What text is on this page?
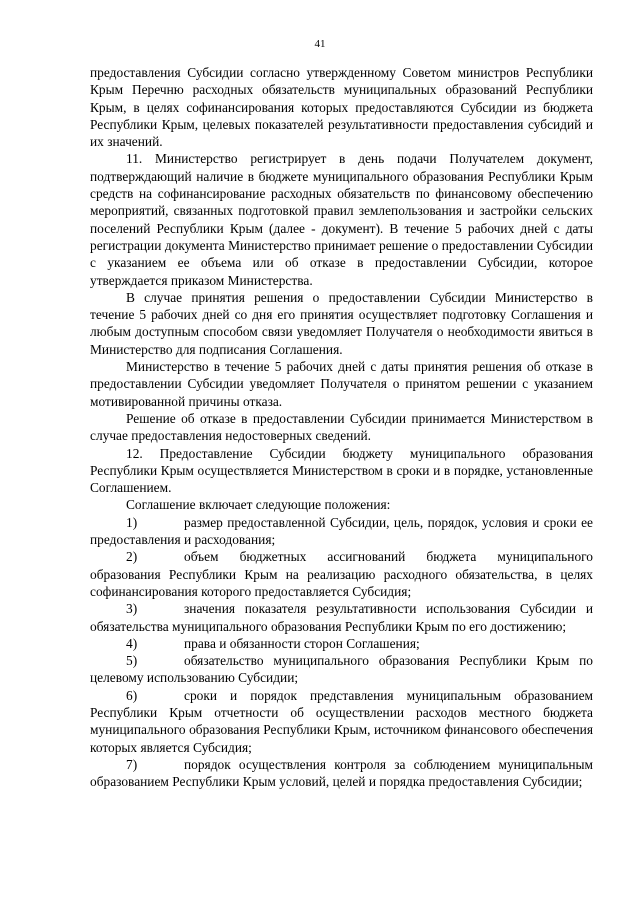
41

предоставления Субсидии согласно утвержденному Советом министров Республики Крым Перечню расходных обязательств муниципальных образований Республики Крым, в целях софинансирования которых предоставляются Субсидии из бюджета Республики Крым, целевых показателей результативности предоставления субсидий и их значений.

11. Министерство регистрирует в день подачи Получателем документ, подтверждающий наличие в бюджете муниципального образования Республики Крым средств на софинансирование расходных обязательств по финансовому обеспечению мероприятий, связанных подготовкой правил землепользования и застройки сельских поселений Республики Крым (далее - документ). В течение 5 рабочих дней с даты регистрации документа Министерство принимает решение о предоставлении Субсидии с указанием ее объема или об отказе в предоставлении Субсидии, которое утверждается приказом Министерства.

В случае принятия решения о предоставлении Субсидии Министерство в течение 5 рабочих дней со дня его принятия осуществляет подготовку Соглашения и любым доступным способом связи уведомляет Получателя о необходимости явиться в Министерство для подписания Соглашения.

Министерство в течение 5 рабочих дней с даты принятия решения об отказе в предоставлении Субсидии уведомляет Получателя о принятом решении с указанием мотивированной причины отказа.

Решение об отказе в предоставлении Субсидии принимается Министерством в случае предоставления недостоверных сведений.

12. Предоставление Субсидии бюджету муниципального образования Республики Крым осуществляется Министерством в сроки и в порядке, установленные Соглашением.

Соглашение включает следующие положения:

1)	размер предоставленной Субсидии, цель, порядок, условия и сроки ее предоставления и расходования;

2)	объем бюджетных ассигнований бюджета муниципального образования Республики Крым на реализацию расходного обязательства, в целях софинансирования которого предоставляется Субсидия;

3)	значения показателя результативности использования Субсидии и обязательства муниципального образования Республики Крым по его достижению;

4)	права и обязанности сторон Соглашения;

5)	обязательство муниципального образования Республики Крым по целевому использованию Субсидии;

6)	сроки и порядок представления муниципальным образованием Республики Крым отчетности об осуществлении расходов местного бюджета муниципального образования Республики Крым, источником финансового обеспечения которых является Субсидия;

7)	порядок осуществления контроля за соблюдением муниципальным образованием Республики Крым условий, целей и порядка предоставления Субсидии;
